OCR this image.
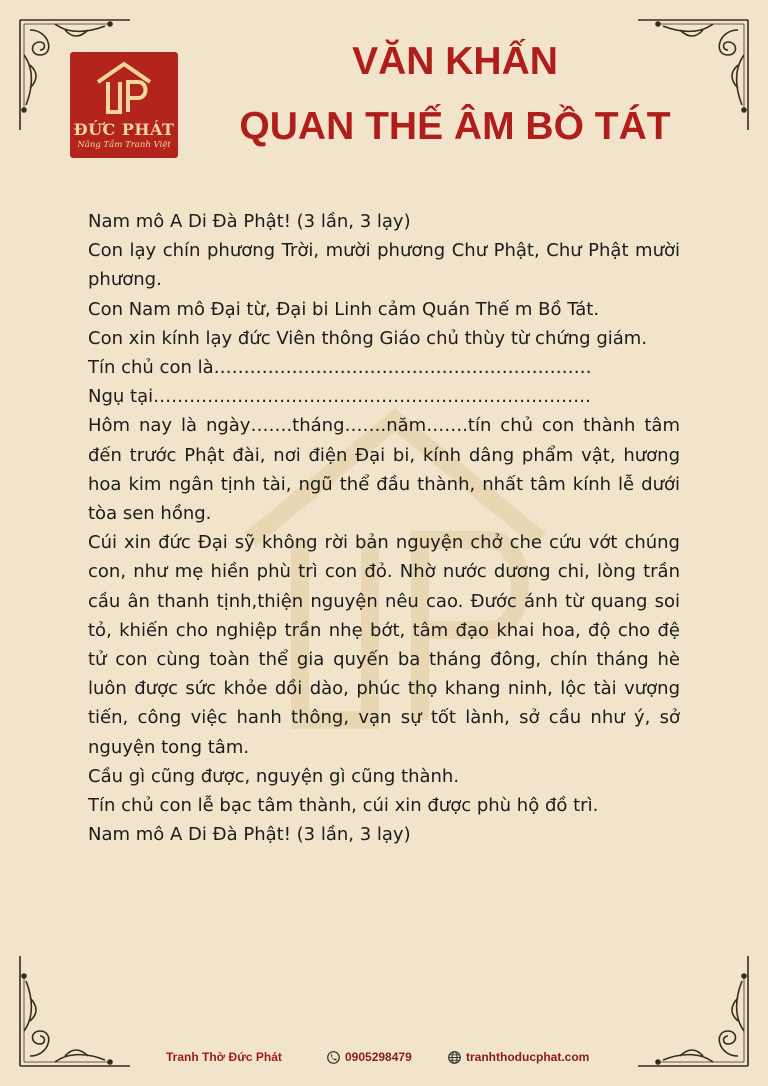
ĐỨC PHÁT
Nâng Tầm Tranh Việt
VĂN KHẤN
QUAN THẾ ÂM BỒ TÁT

Nam mô A Di Đà Phật! (3 lần, 3 lạy)

Con lạy chín phương Trời, mười phương Chư Phật, Chư Phật mười phương.

Con Nam mô Đại từ, Đại bi Linh cảm Quán Thế m Bồ Tát.

Con xin kính lạy đức Viên thông Giáo chủ thùy từ chứng giám.

Tín chủ con là………………………………………………………

Ngụ tại……………………………………………………………….

Hôm nay là ngày…….tháng…….năm…….tín chủ con thành tâm đến trước Phật đài, nơi điện Đại bi, kính dâng phẩm vật, hương hoa kim ngân tịnh tài, ngũ thể đầu thành, nhất tâm kính lễ dưới tòa sen hồng.

Cúi xin đức Đại sỹ không rời bản nguyện chở che cứu vớt chúng con, như mẹ hiền phù trì con đỏ. Nhờ nước dương chi, lòng trần cầu ân thanh tịnh,thiện nguyện nêu cao. Đước ánh từ quang soi tỏ, khiến cho nghiệp trần nhẹ bớt, tâm đạo khai hoa, độ cho đệ tử con cùng toàn thể gia quyến ba tháng đông, chín tháng hè luôn được sức khỏe dồi dào, phúc thọ khang ninh, lộc tài vượng tiến, công việc hanh thông, vạn sự tốt lành, sở cầu như ý, sở nguyện tong tâm.

Cầu gì cũng được, nguyện gì cũng thành.

Tín chủ con lễ bạc tâm thành, cúi xin được phù hộ đồ trì.

Nam mô A Di Đà Phật! (3 lần, 3 lạy)

Tranh Thờ Đức Phát	0905298479	tranhthoducphat.com
